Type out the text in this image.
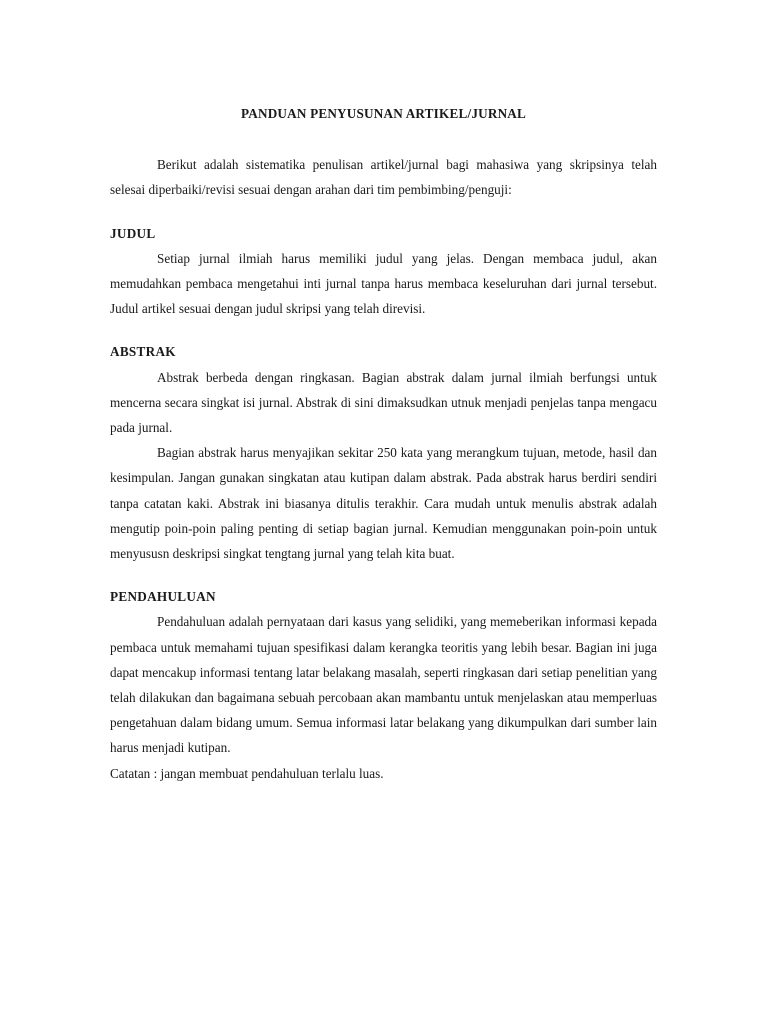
PANDUAN PENYUSUNAN ARTIKEL/JURNAL

Berikut adalah sistematika penulisan artikel/jurnal bagi mahasiwa yang skripsinya telah selesai diperbaiki/revisi sesuai dengan arahan dari tim pembimbing/penguji:

JUDUL

Setiap jurnal ilmiah harus memiliki judul yang jelas. Dengan membaca judul, akan memudahkan pembaca mengetahui inti jurnal tanpa harus membaca keseluruhan dari jurnal tersebut. Judul artikel sesuai dengan judul skripsi yang telah direvisi.

ABSTRAK

Abstrak berbeda dengan ringkasan. Bagian abstrak dalam jurnal ilmiah berfungsi untuk mencerna secara singkat isi jurnal. Abstrak di sini dimaksudkan utnuk menjadi penjelas tanpa mengacu pada jurnal.

Bagian abstrak harus menyajikan sekitar 250 kata yang merangkum tujuan, metode, hasil dan kesimpulan. Jangan gunakan singkatan atau kutipan dalam abstrak. Pada abstrak harus berdiri sendiri tanpa catatan kaki. Abstrak ini biasanya ditulis terakhir. Cara mudah untuk menulis abstrak adalah mengutip poin-poin paling penting di setiap bagian jurnal. Kemudian menggunakan poin-poin untuk menyususn deskripsi singkat tengtang jurnal yang telah kita buat.

PENDAHULUAN

Pendahuluan adalah pernyataan dari kasus yang selidiki, yang memeberikan informasi kepada pembaca untuk memahami tujuan spesifikasi dalam kerangka teoritis yang lebih besar. Bagian ini juga dapat mencakup informasi tentang latar belakang masalah, seperti ringkasan dari setiap penelitian yang telah dilakukan dan bagaimana sebuah percobaan akan mambantu untuk menjelaskan atau memperluas pengetahuan dalam bidang umum. Semua informasi latar belakang yang dikumpulkan dari sumber lain harus menjadi kutipan.

Catatan : jangan membuat pendahuluan terlalu luas.
